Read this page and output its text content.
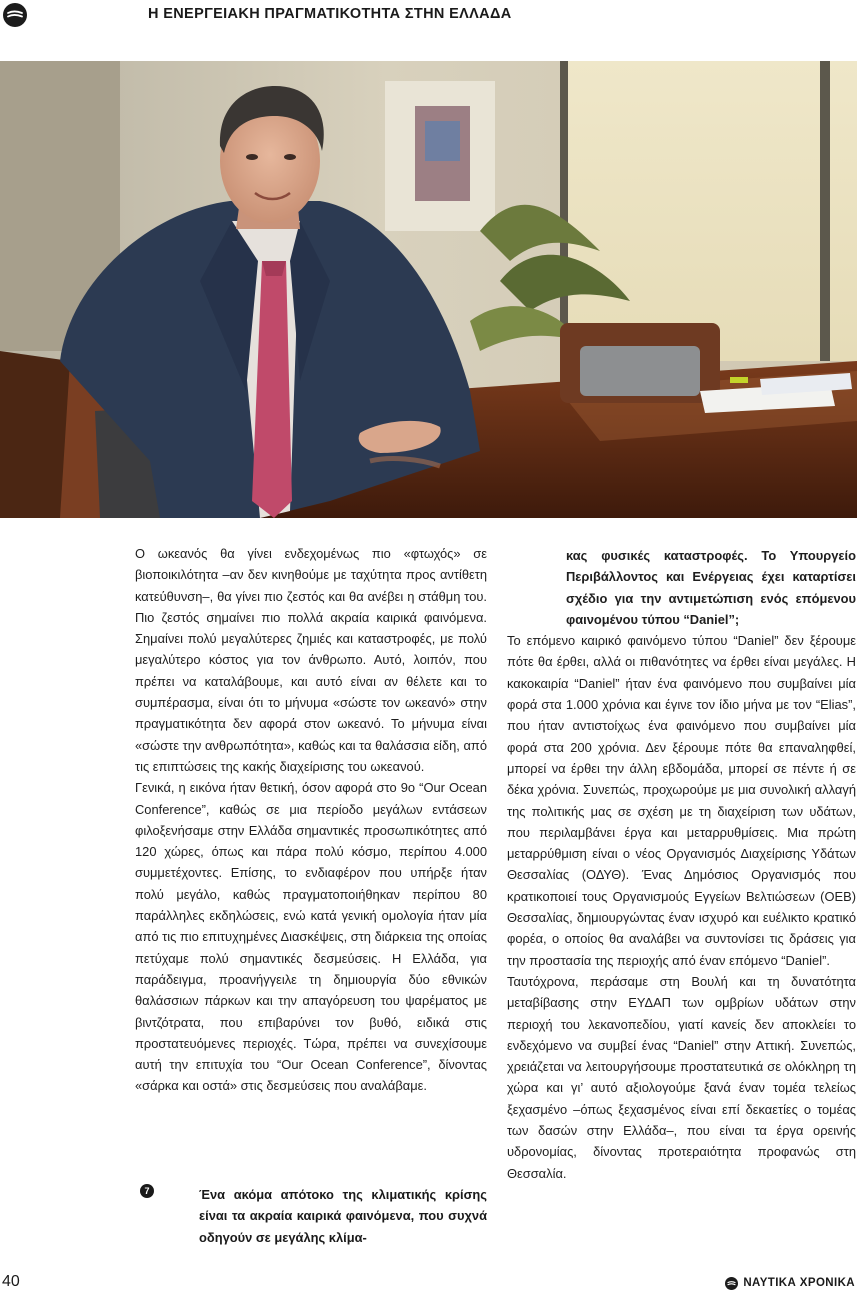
Η ΕΝΕΡΓΕΙΑΚΗ ΠΡΑΓΜΑΤΙΚΟΤΗΤΑ ΣΤΗΝ ΕΛΛΑΔΑ

Ο ωκεανός θα γίνει ενδεχομένως πιο «φτωχός» σε βιοποικιλότητα –αν δεν κινηθούμε με ταχύτητα προς αντίθετη κατεύθυνση–, θα γίνει πιο ζεστός και θα ανέβει η στάθμη του. Πιο ζεστός σημαίνει πιο πολλά ακραία καιρικά φαινόμενα. Σημαίνει πολύ μεγαλύτερες ζημιές και καταστροφές, με πολύ μεγαλύτερο κόστος για τον άνθρωπο. Αυτό, λοιπόν, που πρέπει να καταλάβουμε, και αυτό είναι αν θέλετε και το συμπέρασμα, είναι ότι το μήνυμα «σώστε τον ωκεανό» στην πραγματικότητα δεν αφορά στον ωκεανό. Το μήνυμα είναι «σώστε την ανθρωπότητα», καθώς και τα θαλάσσια είδη, από τις επιπτώσεις της κακής διαχείρισης του ωκεανού.

Γενικά, η εικόνα ήταν θετική, όσον αφορά στο 9ο “Our Ocean Conference”, καθώς σε μια περίοδο μεγάλων εντάσεων φιλοξενήσαμε στην Ελλάδα σημαντικές προσωπικότητες από 120 χώρες, όπως και πάρα πολύ κόσμο, περίπου 4.000 συμμετέχοντες. Επίσης, το ενδιαφέρον που υπήρξε ήταν πολύ μεγάλο, καθώς πραγματοποιήθηκαν περίπου 80 παράλληλες εκδηλώσεις, ενώ κατά γενική ομολογία ήταν μία από τις πιο επιτυχημένες Διασκέψεις, στη διάρκεια της οποίας πετύχαμε πολύ σημαντικές δεσμεύσεις. Η Ελλάδα, για παράδειγμα, προανήγγειλε τη δημιουργία δύο εθνικών θαλάσσιων πάρκων και την απαγόρευση του ψαρέματος με βιντζότρατα, που επιβαρύνει τον βυθό, ειδικά στις προστατευόμενες περιοχές. Τώρα, πρέπει να συνεχίσουμε αυτή την επιτυχία του “Our Ocean Conference”, δίνοντας «σάρκα και οστά» στις δεσμεύσεις που αναλάβαμε.

7	Ένα ακόμα απότοκο της κλιματικής κρίσης είναι τα ακραία καιρικά φαινόμενα, που συχνά οδηγούν σε μεγάλης κλίμα-

κας φυσικές καταστροφές. Το Υπουργείο Περιβάλλοντος και Ενέργειας έχει καταρτίσει σχέδιο για την αντιμετώπιση ενός επόμενου φαινομένου τύπου “Daniel”;

Το επόμενο καιρικό φαινόμενο τύπου “Daniel” δεν ξέρουμε πότε θα έρθει, αλλά οι πιθανότητες να έρθει είναι μεγάλες. Η κακοκαιρία “Daniel” ήταν ένα φαινόμενο που συμβαίνει μία φορά στα 1.000 χρόνια και έγινε τον ίδιο μήνα με τον “Elias”, που ήταν αντιστοίχως ένα φαινόμενο που συμβαίνει μία φορά στα 200 χρόνια. Δεν ξέρουμε πότε θα επαναληφθεί, μπορεί να έρθει την άλλη εβδομάδα, μπορεί σε πέντε ή σε δέκα χρόνια. Συνεπώς, προχωρούμε με μια συνολική αλλαγή της πολιτικής μας σε σχέση με τη διαχείριση των υδάτων, που περιλαμβάνει έργα και μεταρρυθμίσεις. Μια πρώτη μεταρρύθμιση είναι ο νέος Οργανισμός Διαχείρισης Υδάτων Θεσσαλίας (ΟΔΥΘ). Ένας Δημόσιος Οργανισμός που κρατικοποιεί τους Οργανισμούς Εγγείων Βελτιώσεων (ΟΕΒ) Θεσσαλίας, δημιουργώντας έναν ισχυρό και ευέλικτο κρατικό φορέα, ο οποίος θα αναλάβει να συντονίσει τις δράσεις για την προστασία της περιοχής από έναν επόμενο “Daniel”.

Ταυτόχρονα, περάσαμε στη Βουλή και τη δυνατότητα μεταβίβασης στην ΕΥΔΑΠ των ομβρίων υδάτων στην περιοχή του λεκανοπεδίου, γιατί κανείς δεν αποκλείει το ενδεχόμενο να συμβεί ένας “Daniel” στην Αττική. Συνεπώς, χρειάζεται να λειτουργήσουμε προστατευτικά σε ολόκληρη τη χώρα και γι’ αυτό αξιολογούμε ξανά έναν τομέα τελείως ξεχασμένο –όπως ξεχασμένος είναι επί δεκαετίες ο τομέας των δασών στην Ελλάδα–, που είναι τα έργα ορεινής υδρονομίας, δίνοντας προτεραιότητα προφανώς στη Θεσσαλία.

40	ΝΑΥΤΙΚΑ ΧΡΟΝΙΚΑ
